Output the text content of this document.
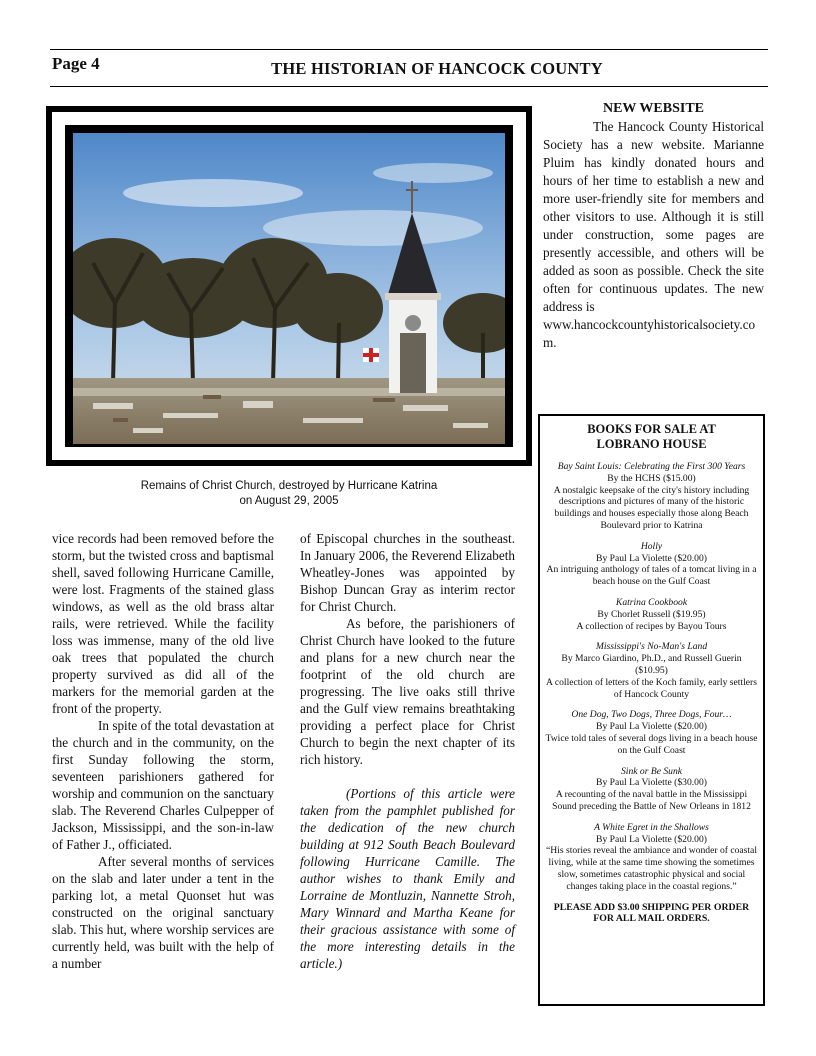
Page 4	THE HISTORIAN OF HANCOCK COUNTY
Remains of Christ Church, destroyed by Hurricane Katrina
on August 29, 2005

vice records had been removed before the storm, but the twisted cross and baptismal shell, saved following Hurricane Camille, were lost. Fragments of the stained glass windows, as well as the old brass altar rails, were retrieved. While the facility loss was immense, many of the old live oak trees that populated the church property survived as did all of the markers for the memorial garden at the front of the property.

In spite of the total devastation at the church and in the community, on the first Sunday following the storm, seventeen parishioners gathered for worship and communion on the sanctuary slab. The Reverend Charles Culpepper of Jackson, Mississippi, and the son-in-law of Father J., officiated.

After several months of services on the slab and later under a tent in the parking lot, a metal Quonset hut was constructed on the original sanctuary slab. This hut, where worship services are currently held, was built with the help of a number

of Episcopal churches in the southeast. In January 2006, the Reverend Elizabeth Wheatley-Jones was appointed by Bishop Duncan Gray as interim rector for Christ Church.

As before, the parishioners of Christ Church have looked to the future and plans for a new church near the footprint of the old church are progressing. The live oaks still thrive and the Gulf view remains breathtaking providing a perfect place for Christ Church to begin the next chapter of its rich history.

(Portions of this article were taken from the pamphlet published for the dedication of the new church building at 912 South Beach Boulevard following Hurricane Camille. The author wishes to thank Emily and Lorraine de Montluzin, Nannette Stroh, Mary Winnard and Martha Keane for their gracious assistance with some of the more interesting details in the article.)

NEW WEBSITE

The Hancock County Historical Society has a new website. Marianne Pluim has kindly donated hours and hours of her time to establish a new and more user-friendly site for members and other visitors to use. Although it is still under construction, some pages are presently accessible, and others will be added as soon as possible. Check the site often for continuous updates. The new address is

www.hancockcountyhistoricalsociety.com.

BOOKS FOR SALE AT
LOBRANO HOUSE
Bay Saint Louis: Celebrating the First 300 Years
By the HCHS ($15.00)
A nostalgic keepsake of the city's history including descriptions and pictures of many of the historic buildings and houses especially those along Beach Boulevard prior to Katrina
Holly
By Paul La Violette ($20.00)
An intriguing anthology of tales of a tomcat living in a beach house on the Gulf Coast
Katrina Cookbook
By Chorlet Russell ($19.95)
A collection of recipes by Bayou Tours
Mississippi's No-Man's Land
By Marco Giardino, Ph.D., and Russell Guerin ($10.95)
A collection of letters of the Koch family, early settlers of Hancock County
One Dog, Two Dogs, Three Dogs, Four…
By Paul La Violette ($20.00)
Twice told tales of several dogs living in a beach house on the Gulf Coast
Sink or Be Sunk
By Paul La Violette ($30.00)
A recounting of the naval battle in the Mississippi Sound preceding the Battle of New Orleans in 1812
A White Egret in the Shallows
By Paul La Violette ($20.00)
“His stories reveal the ambiance and wonder of coastal living, while at the same time showing the sometimes slow, sometimes catastrophic physical and social changes taking place in the coastal regions.”
PLEASE ADD $3.00 SHIPPING PER ORDER FOR ALL MAIL ORDERS.
